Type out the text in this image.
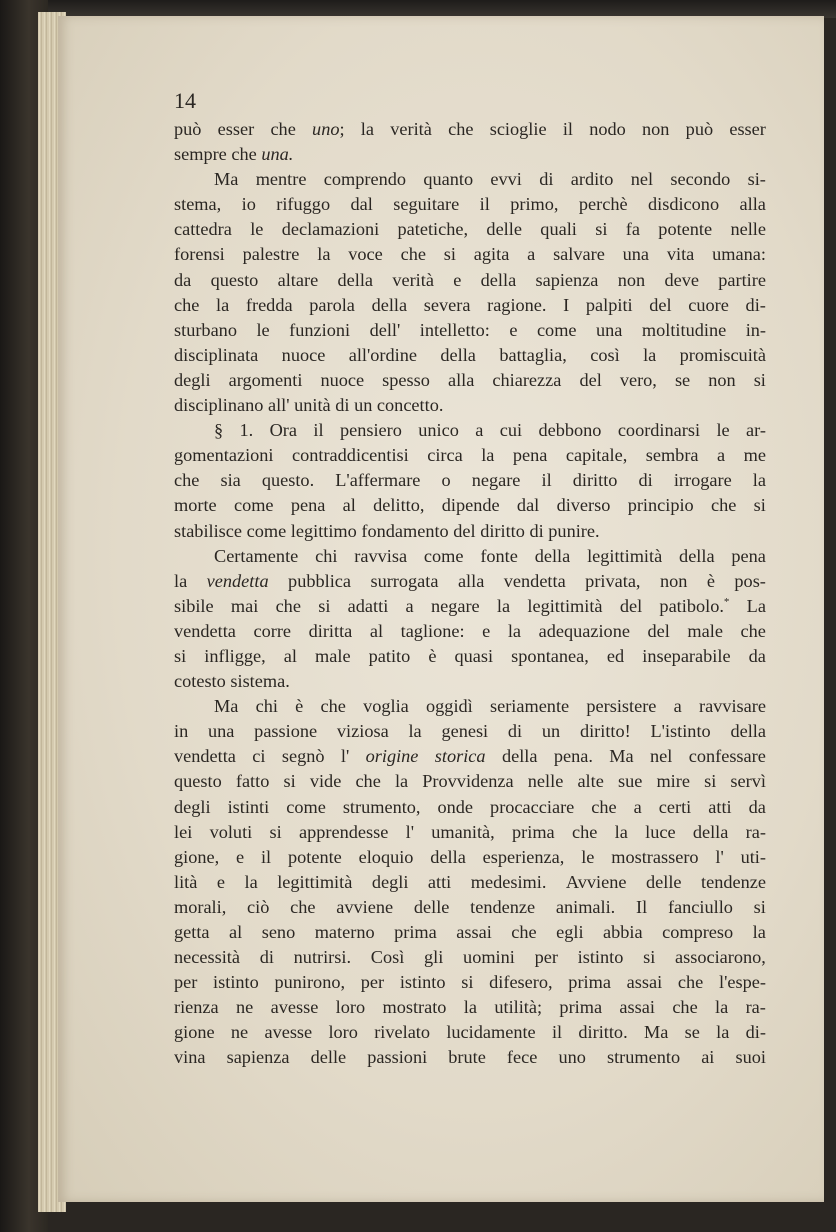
14
può esser che uno; la verità che scioglie il nodo non può esser
sempre che una.
Ma mentre comprendo quanto evvi di ardito nel secondo si-
stema, io rifuggo dal seguitare il primo, perchè disdicono alla
cattedra le declamazioni patetiche, delle quali si fa potente nelle
forensi palestre la voce che si agita a salvare una vita umana:
da questo altare della verità e della sapienza non deve partire
che la fredda parola della severa ragione. I palpiti del cuore di-
sturbano le funzioni dell' intelletto: e come una moltitudine in-
disciplinata nuoce all'ordine della battaglia, così la promiscuità
degli argomenti nuoce spesso alla chiarezza del vero, se non si
disciplinano all' unità di un concetto.
§ 1. Ora il pensiero unico a cui debbono coordinarsi le ar-
gomentazioni contraddicentisi circa la pena capitale, sembra a me
che sia questo. L'affermare o negare il diritto di irrogare la
morte come pena al delitto, dipende dal diverso principio che si
stabilisce come legittimo fondamento del diritto di punire.
Certamente chi ravvisa come fonte della legittimità della pena
la vendetta pubblica surrogata alla vendetta privata, non è pos-
sibile mai che si adatti a negare la legittimità del patibolo.* La
vendetta corre diritta al taglione: e la adequazione del male che
si infligge, al male patito è quasi spontanea, ed inseparabile da
cotesto sistema.
Ma chi è che voglia oggidì seriamente persistere a ravvisare
in una passione viziosa la genesi di un diritto! L'istinto della
vendetta ci segnò l' origine storica della pena. Ma nel confessare
questo fatto si vide che la Provvidenza nelle alte sue mire si servì
degli istinti come strumento, onde procacciare che a certi atti da
lei voluti si apprendesse l' umanità, prima che la luce della ra-
gione, e il potente eloquio della esperienza, le mostrassero l' uti-
lità e la legittimità degli atti medesimi. Avviene delle tendenze
morali, ciò che avviene delle tendenze animali. Il fanciullo si
getta al seno materno prima assai che egli abbia compreso la
necessità di nutrirsi. Così gli uomini per istinto si associarono,
per istinto punirono, per istinto si difesero, prima assai che l'espe-
rienza ne avesse loro mostrato la utilità; prima assai che la ra-
gione ne avesse loro rivelato lucidamente il diritto. Ma se la di-
vina sapienza delle passioni brute fece uno strumento ai suoi
